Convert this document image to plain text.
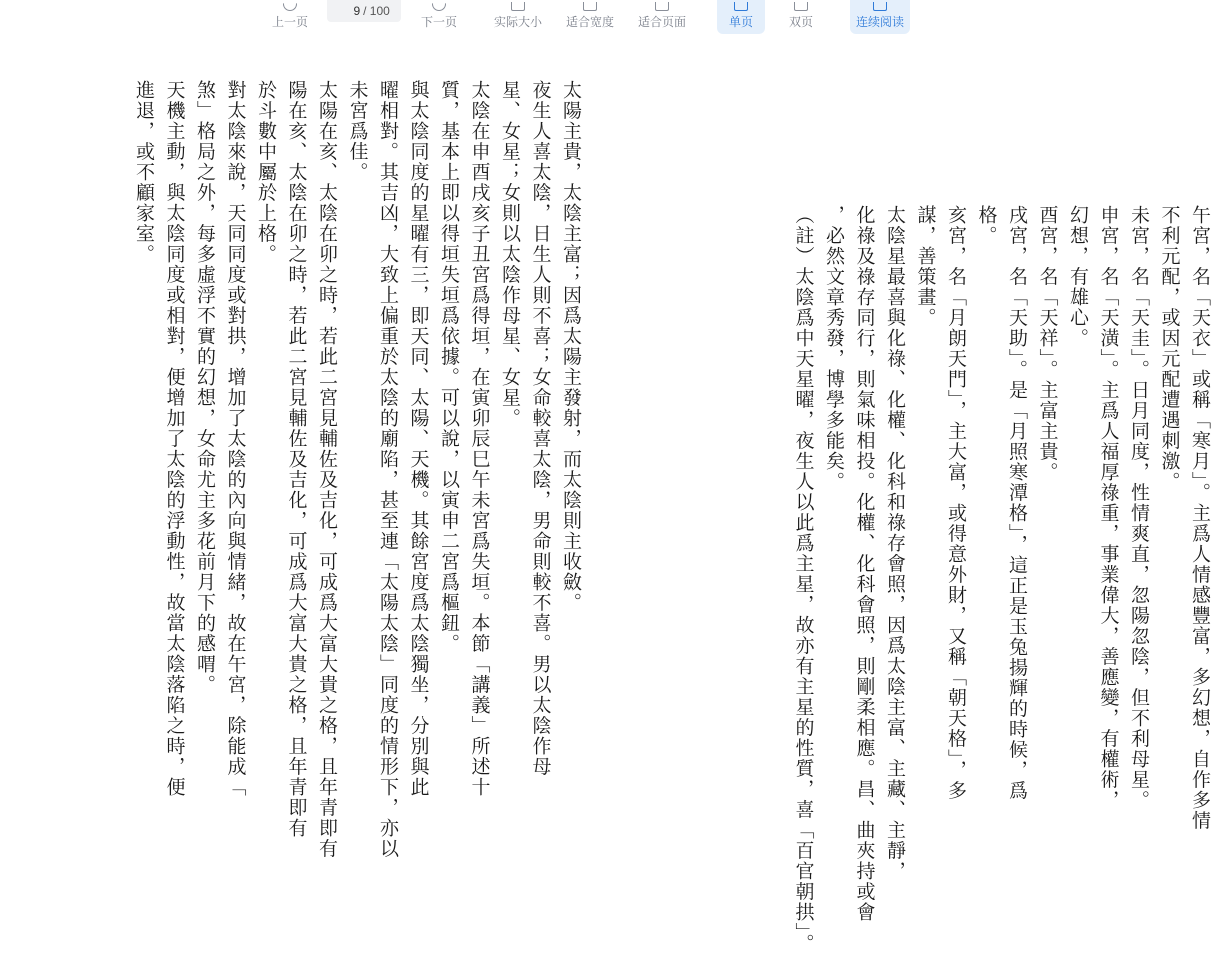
上一页
9
/ 100
下一页	实际大小 适合宽度 适合页面	单页	双页	连续阅读
太陽主貴，太陰主富；因爲太陽主發射，而太陰則主收斂。
夜生人喜太陰，日生人則不喜；女命較喜太陰，男命則較不喜。男以太陰作母
星、女星；女則以太陰作母星、女星。
太陰在申酉戌亥子丑宮爲得垣，在寅卯辰巳午未宮爲失垣。本節「講義」所述十
質，基本上即以得垣失垣爲依據。可以說，以寅申二宮爲樞鈕。
與太陰同度的星曜有三，即天同、太陽、天機。其餘宮度爲太陰獨坐，分別與此
曜相對。其吉凶，大致上偏重於太陰的廟陷，甚至連「太陽太陰」同度的情形下，亦以
未宮爲佳。
太陽在亥、太陰在卯之時，若此二宮見輔佐及吉化，可成爲大富大貴之格，且年青即有
陽在亥、太陰在卯之時，若此二宮見輔佐及吉化，可成爲大富大貴之格，且年青即有
於斗數中屬於上格。
對太陰來說，天同同度或對拱，增加了太陰的內向與情緒，故在午宮，除能成「
煞」格局之外，每多虛浮不實的幻想，女命尤主多花前月下的感喟。
天機主動，與太陰同度或相對，便增加了太陰的浮動性，故當太陰落陷之時，便
進退，或不顧家室。
午宮，名「天衣」或稱「寒月」。主爲人情感豐富，多幻想，自作多情
不利元配，或因元配遭遇刺激。
未宮，名「天圭」。日月同度，性情爽直，忽陽忽陰，但不利母星。
申宮，名「天潢」。主爲人福厚祿重，事業偉大，善應變，有權術，
幻想，有雄心。
酉宮，名「天祥」。主富主貴。
戌宮，名「天助」。是「月照寒潭格」，這正是玉兔揚輝的時候，爲
格。
亥宮，名「月朗天門」，主大富，或得意外財，又稱「朝天格」，多
謀，善策畫。
太陰星最喜與化祿、化權、化科和祿存會照，因爲太陰主富、主藏、主靜，
化祿及祿存同行，則氣味相投。化權、化科會照，則剛柔相應。昌、曲夾持或會
，必然文章秀發，博學多能矣。
（註）太陰爲中天星曜，夜生人以此爲主星，故亦有主星的性質，喜「百官朝拱」。
